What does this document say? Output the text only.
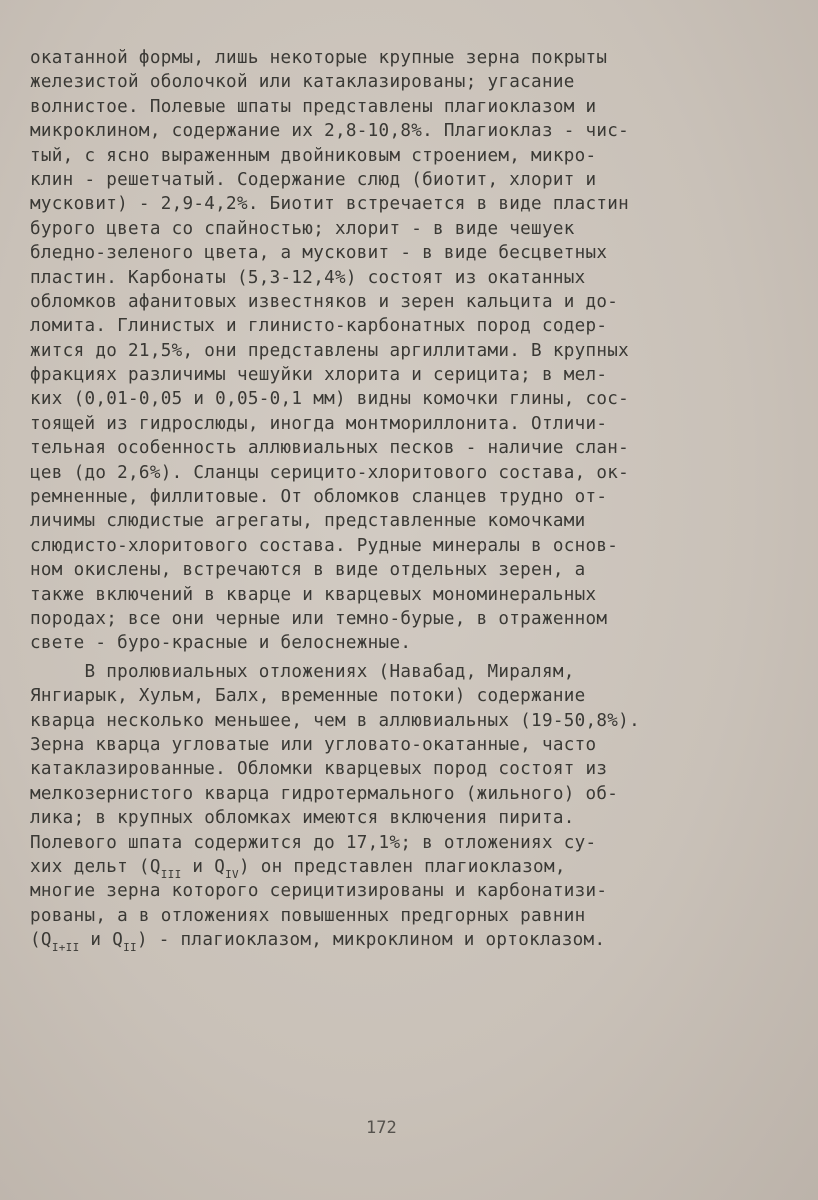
окатанной формы, лишь некоторые крупные зерна покрыты
железистой оболочкой или катаклазированы; угасание
волнистое. Полевые шпаты представлены плагиоклазом и
микроклином, содержание их 2,8-10,8%. Плагиоклаз - чис-
тый, с ясно выраженным двойниковым строением, микро-
клин - решетчатый. Содержание слюд (биотит, хлорит и
мусковит) - 2,9-4,2%. Биотит встречается в виде пластин
бурого цвета со спайностью; хлорит - в виде чешуек
бледно-зеленого цвета, а мусковит - в виде бесцветных
пластин. Карбонаты (5,3-12,4%) состоят из окатанных
обломков афанитовых известняков и зерен кальцита и до-
ломита. Глинистых и глинисто-карбонатных пород содер-
жится до 21,5%, они представлены аргиллитами. В крупных
фракциях различимы чешуйки хлорита и серицита; в мел-
ких (0,01-0,05 и 0,05-0,1 мм) видны комочки глины, сос-
тоящей из гидрослюды, иногда монтмориллонита. Отличи-
тельная особенность аллювиальных песков - наличие слан-
цев (до 2,6%). Сланцы серицито-хлоритового состава, ок-
ремненные, филлитовые. От обломков сланцев трудно от-
личимы слюдистые агрегаты, представленные комочками
слюдисто-хлоритового состава. Рудные минералы в основ-
ном окислены, встречаются в виде отдельных зерен, а
также включений в кварце и кварцевых мономинеральных
породах; все они черные или темно-бурые, в отраженном
свете - буро-красные и белоснежные.
В пролювиальных отложениях (Навабад, Миралям,
Янгиарык, Хульм, Балх, временные потоки) содержание
кварца несколько меньшее, чем в аллювиальных (19-50,8%).
Зерна кварца угловатые или угловато-окатанные, часто
катаклазированные. Обломки кварцевых пород состоят из
мелкозернистого кварца гидротермального (жильного) об-
лика; в крупных обломках имеются включения пирита.
Полевого шпата содержится до 17,1%; в отложениях су-
хих дельт ($Q_{III}$ и $Q_{IV}$) он представлен плагиоклазом,
многие зерна которого серицитизированы и карбонатизи-
рованы, а в отложениях повышенных предгорных равнин
($Q_{I+II}$ и $Q_{II}$) - плагиоклазом, микроклином и ортоклазом.
172
